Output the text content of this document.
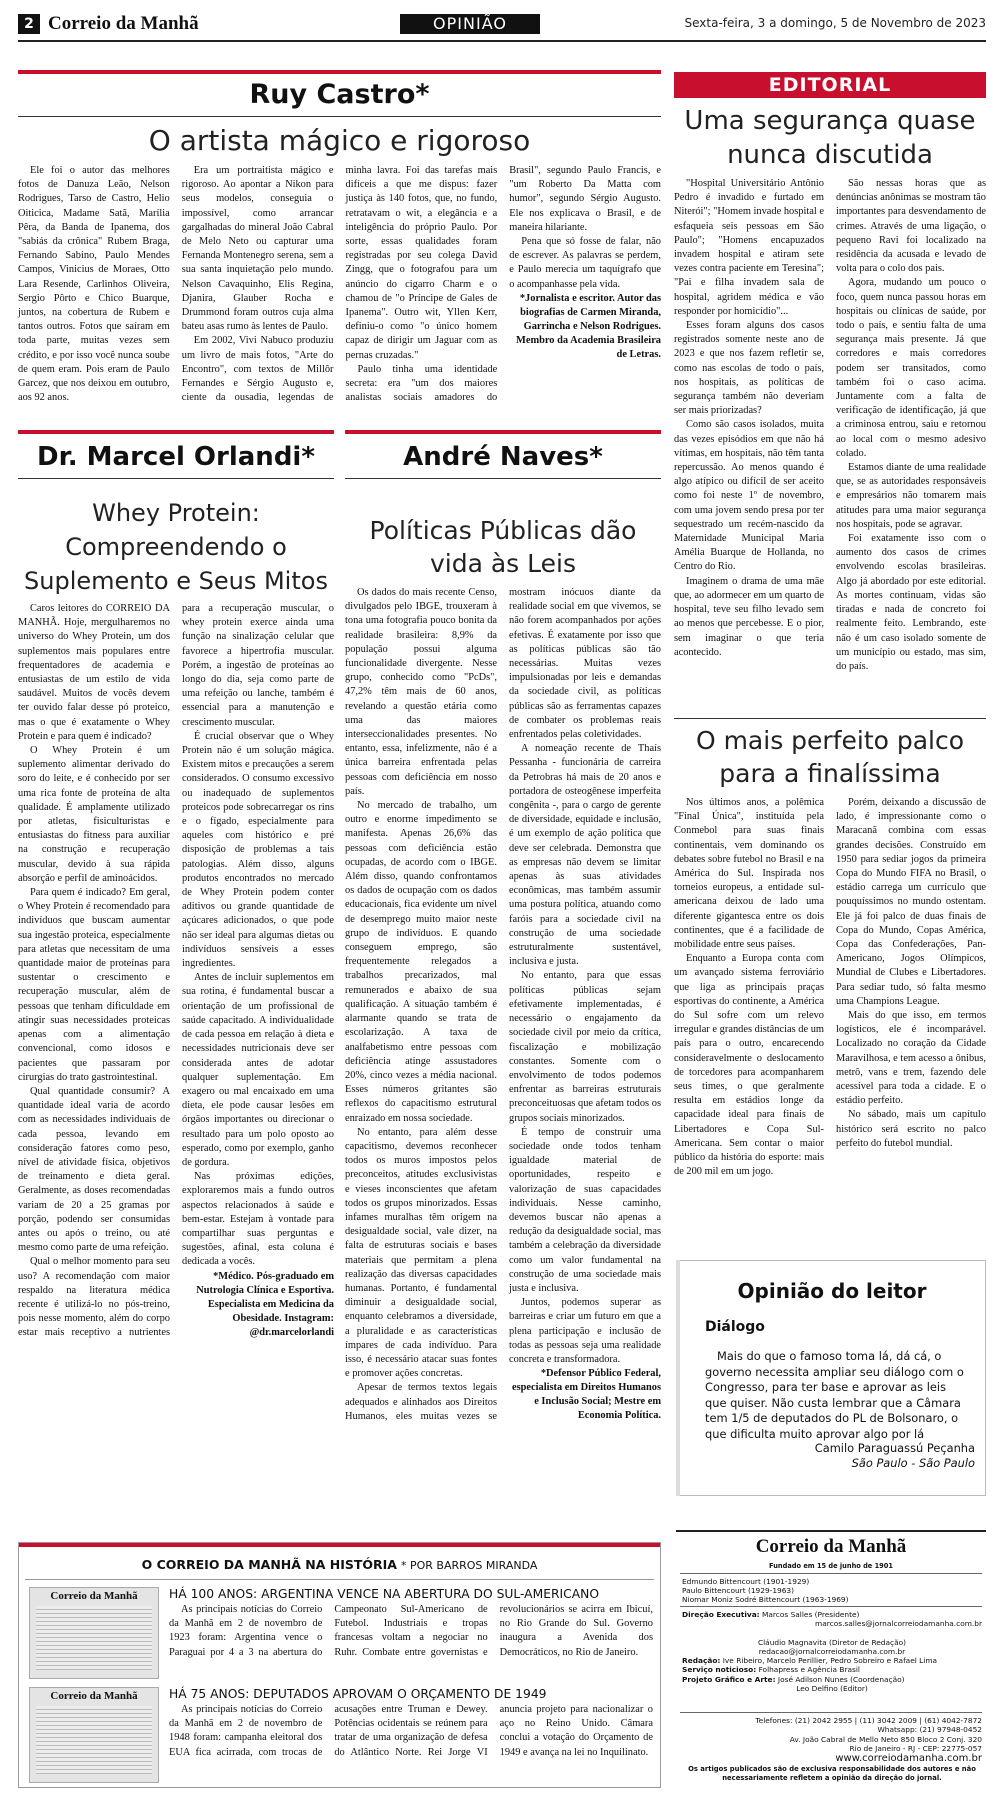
2 Correio da Manhã	OPINIÃO	Sexta-feira, 3 a domingo, 5 de Novembro de 2023
Ruy Castro*
O artista mágico e rigoroso

Ele foi o autor das melhores fotos de Danuza Leão, Nelson Rodrigues, Tarso de Castro, Helio Oiticica, Madame Satã, Marília Pêra, da Banda de Ipanema, dos "sabiás da crônica" Rubem Braga, Fernando Sabino, Paulo Mendes Campos, Vinicius de Moraes, Otto Lara Resende, Carlinhos Oliveira, Sergio Pôrto e Chico Buarque, juntos, na cobertura de Rubem e tantos outros. Fotos que saíram em toda parte, muitas vezes sem crédito, e por isso você nunca soube de quem eram. Pois eram de Paulo Garcez, que nos deixou em outubro, aos 92 anos.

Era um portraitista mágico e rigoroso. Ao apontar a Nikon para seus modelos, conseguia o impossível, como arrancar gargalhadas do mineral João Cabral de Melo Neto ou capturar uma Fernanda Montenegro serena, sem a sua santa inquietação pelo mundo. Nelson Cavaquinho, Elis Regina, Djanira, Glauber Rocha e Drummond foram outros cuja alma bateu asas rumo às lentes de Paulo.

Em 2002, Vivi Nabuco produziu um livro de mais fotos, "Arte do Encontro", com textos de Millôr Fernandes e Sérgio Augusto e, ciente da ousadia, legendas de minha lavra. Foi das tarefas mais difíceis a que me dispus: fazer justiça às 140 fotos, que, no fundo, retratavam o wit, a elegância e a inteligência do próprio Paulo. Por sorte, essas qualidades foram registradas por seu colega David Zingg, que o fotografou para um anúncio do cigarro Charm e o chamou de "o Príncipe de Gales de Ipanema". Outro wit, Yllen Kerr, definiu-o como "o único homem capaz de dirigir um Jaguar com as pernas cruzadas."

Paulo tinha uma identidade secreta: era "um dos maiores analistas sociais amadores do Brasil", segundo Paulo Francis, e "um Roberto Da Matta com humor", segundo Sérgio Augusto. Ele nos explicava o Brasil, e de maneira hilariante.

Pena que só fosse de falar, não de escrever. As palavras se perdem, e Paulo merecia um taquígrafo que o acompanhasse pela vida.

*Jornalista e escritor. Autor das biografias de Carmen Miranda, Garrincha e Nelson Rodrigues. Membro da Academia Brasileira de Letras.

Dr. Marcel Orlandi*
Whey Protein: Compreendendo o Suplemento e Seus Mitos

Caros leitores do CORREIO DA MANHÃ. Hoje, mergulharemos no universo do Whey Protein, um dos suplementos mais populares entre frequentadores de academia e entusiastas de um estilo de vida saudável. Muitos de vocês devem ter ouvido falar desse pó proteico, mas o que é exatamente o Whey Protein e para quem é indicado?

O Whey Protein é um suplemento alimentar derivado do soro do leite, e é conhecido por ser uma rica fonte de proteína de alta qualidade. É amplamente utilizado por atletas, fisiculturistas e entusiastas do fitness para auxiliar na construção e recuperação muscular, devido à sua rápida absorção e perfil de aminoácidos.

Para quem é indicado? Em geral, o Whey Protein é recomendado para indivíduos que buscam aumentar sua ingestão proteica, especialmente para atletas que necessitam de uma quantidade maior de proteínas para sustentar o crescimento e recuperação muscular, além de pessoas que tenham dificuldade em atingir suas necessidades proteicas apenas com a alimentação convencional, como idosos e pacientes que passaram por cirurgias do trato gastrointestinal.

Qual quantidade consumir? A quantidade ideal varia de acordo com as necessidades individuais de cada pessoa, levando em consideração fatores como peso, nível de atividade física, objetivos de treinamento e dieta geral. Geralmente, as doses recomendadas variam de 20 a 25 gramas por porção, podendo ser consumidas antes ou após o treino, ou até mesmo como parte de uma refeição.

Qual o melhor momento para seu uso? A recomendação com maior respaldo na literatura médica recente é utilizá-lo no pós-treino, pois nesse momento, além do corpo estar mais receptivo a nutrientes para a recuperação muscular, o whey protein exerce ainda uma função na sinalização celular que favorece a hipertrofia muscular. Porém, a ingestão de proteínas ao longo do dia, seja como parte de uma refeição ou lanche, também é essencial para a manutenção e crescimento muscular.

É crucial observar que o Whey Protein não é um solução mágica. Existem mitos e precauções a serem considerados. O consumo excessivo ou inadequado de suplementos proteicos pode sobrecarregar os rins e o fígado, especialmente para aqueles com histórico e pré disposição de problemas a tais patologias. Além disso, alguns produtos encontrados no mercado de Whey Protein podem conter aditivos ou grande quantidade de açúcares adicionados, o que pode não ser ideal para algumas dietas ou indivíduos sensíveis a esses ingredientes.

Antes de incluir suplementos em sua rotina, é fundamental buscar a orientação de um profissional de saúde capacitado. A individualidade de cada pessoa em relação à dieta e necessidades nutricionais deve ser considerada antes de adotar qualquer suplementação. Em exagero ou mal encaixado em uma dieta, ele pode causar lesões em órgãos importantes ou direcionar o resultado para um polo oposto ao esperado, como por exemplo, ganho de gordura.

Nas próximas edições, exploraremos mais a fundo outros aspectos relacionados à saúde e bem-estar. Estejam à vontade para compartilhar suas perguntas e sugestões, afinal, esta coluna é dedicada a vocês.

*Médico. Pós-graduado em Nutrologia Clínica e Esportiva. Especialista em Medicina da Obesidade. Instagram: @dr.marcelorlandi

André Naves*
Políticas Públicas dão vida às Leis

Os dados do mais recente Censo, divulgados pelo IBGE, trouxeram à tona uma fotografia pouco bonita da realidade brasileira: 8,9% da população possui alguma funcionalidade divergente. Nesse grupo, conhecido como "PcDs", 47,2% têm mais de 60 anos, revelando a questão etária como uma das maiores interseccionalidades presentes. No entanto, essa, infelizmente, não é a única barreira enfrentada pelas pessoas com deficiência em nosso país.

No mercado de trabalho, um outro e enorme impedimento se manifesta. Apenas 26,6% das pessoas com deficiência estão ocupadas, de acordo com o IBGE. Além disso, quando confrontamos os dados de ocupação com os dados educacionais, fica evidente um nível de desemprego muito maior neste grupo de indivíduos. E quando conseguem emprego, são frequentemente relegados a trabalhos precarizados, mal remunerados e abaixo de sua qualificação. A situação também é alarmante quando se trata de escolarização. A taxa de analfabetismo entre pessoas com deficiência atinge assustadores 20%, cinco vezes a média nacional. Esses números gritantes são reflexos do capacitismo estrutural enraizado em nossa sociedade.

No entanto, para além desse capacitismo, devemos reconhecer todos os muros impostos pelos preconceitos, atitudes exclusivistas e vieses inconscientes que afetam todos os grupos minorizados. Essas infames muralhas têm origem na desigualdade social, vale dizer, na falta de estruturas sociais e bases materiais que permitam a plena realização das diversas capacidades humanas. Portanto, é fundamental diminuir a desigualdade social, enquanto celebramos a diversidade, a pluralidade e as características ímpares de cada indivíduo. Para isso, é necessário atacar suas fontes e promover ações concretas.

Apesar de termos textos legais adequados e alinhados aos Direitos Humanos, eles muitas vezes se mostram inócuos diante da realidade social em que vivemos, se não forem acompanhados por ações efetivas. É exatamente por isso que as políticas públicas são tão necessárias. Muitas vezes impulsionadas por leis e demandas da sociedade civil, as políticas públicas são as ferramentas capazes de combater os problemas reais enfrentados pelas coletividades.

A nomeação recente de Thaís Pessanha - funcionária de carreira da Petrobras há mais de 20 anos e portadora de osteogênese imperfeita congênita -, para o cargo de gerente de diversidade, equidade e inclusão, é um exemplo de ação política que deve ser celebrada. Demonstra que as empresas não devem se limitar apenas às suas atividades econômicas, mas também assumir uma postura política, atuando como faróis para a sociedade civil na construção de uma sociedade estruturalmente sustentável, inclusiva e justa.

No entanto, para que essas políticas públicas sejam efetivamente implementadas, é necessário o engajamento da sociedade civil por meio da crítica, fiscalização e mobilização constantes. Somente com o envolvimento de todos podemos enfrentar as barreiras estruturais preconceituosas que afetam todos os grupos sociais minorizados.

É tempo de construir uma sociedade onde todos tenham igualdade material de oportunidades, respeito e valorização de suas capacidades individuais. Nesse caminho, devemos buscar não apenas a redução da desigualdade social, mas também a celebração da diversidade como um valor fundamental na construção de uma sociedade mais justa e inclusiva.

Juntos, podemos superar as barreiras e criar um futuro em que a plena participação e inclusão de todas as pessoas seja uma realidade concreta e transformadora.

*Defensor Público Federal, especialista em Direitos Humanos e Inclusão Social; Mestre em Economia Política.

EDITORIAL
Uma segurança quase nunca discutida

"Hospital Universitário Antônio Pedro é invadido e furtado em Niterói"; "Homem invade hospital e esfaqueia seis pessoas em São Paulo"; "Homens encapuzados invadem hospital e atiram sete vezes contra paciente em Teresina"; "Pai e filha invadem sala de hospital, agridem médica e vão responder por homicídio"...

Esses foram alguns dos casos registrados somente neste ano de 2023 e que nos fazem refletir se, como nas escolas de todo o país, nos hospitais, as políticas de segurança também não deveriam ser mais priorizadas?

Como são casos isolados, muita das vezes episódios em que não há vítimas, em hospitais, não têm tanta repercussão. Ao menos quando é algo atípico ou difícil de ser aceito como foi neste 1º de novembro, com uma jovem sendo presa por ter sequestrado um recém-nascido da Maternidade Municipal Maria Amélia Buarque de Hollanda, no Centro do Rio.

Imaginem o drama de uma mãe que, ao adormecer em um quarto de hospital, teve seu filho levado sem ao menos que percebesse. E o pior, sem imaginar o que teria acontecido.

São nessas horas que as denúncias anônimas se mostram tão importantes para desvendamento de crimes. Através de uma ligação, o pequeno Ravi foi localizado na residência da acusada e levado de volta para o colo dos pais.

Agora, mudando um pouco o foco, quem nunca passou horas em hospitais ou clínicas de saúde, por todo o país, e sentiu falta de uma segurança mais presente. Já que corredores e mais corredores podem ser transitados, como também foi o caso acima. Juntamente com a falta de verificação de identificação, já que a criminosa entrou, saiu e retornou ao local com o mesmo adesivo colado.

Estamos diante de uma realidade que, se as autoridades responsáveis e empresários não tomarem mais atitudes para uma maior segurança nos hospitais, pode se agravar.

Foi exatamente isso com o aumento dos casos de crimes envolvendo escolas brasileiras. Algo já abordado por este editorial. As mortes continuam, vidas são tiradas e nada de concreto foi realmente feito. Lembrando, este não é um caso isolado somente de um município ou estado, mas sim, do país.

O mais perfeito palco para a finalíssima

Nos últimos anos, a polêmica "Final Única", instituída pela Conmebol para suas finais continentais, vem dominando os debates sobre futebol no Brasil e na América do Sul. Inspirada nos torneios europeus, a entidade sul-americana deixou de lado uma diferente gigantesca entre os dois continentes, que é a facilidade de mobilidade entre seus países.

Enquanto a Europa conta com um avançado sistema ferroviário que liga as principais praças esportivas do continente, a América do Sul sofre com um relevo irregular e grandes distâncias de um país para o outro, encarecendo consideravelmente o deslocamento de torcedores para acompanharem seus times, o que geralmente resulta em estádios longe da capacidade ideal para finais de Libertadores e Copa Sul-Americana. Sem contar o maior público da história do esporte: mais de 200 mil em um jogo.

Porém, deixando a discussão de lado, é impressionante como o Maracanã combina com essas grandes decisões. Construído em 1950 para sediar jogos da primeira Copa do Mundo FIFA no Brasil, o estádio carrega um currículo que pouquíssimos no mundo ostentam. Ele já foi palco de duas finais de Copa do Mundo, Copas América, Copa das Confederações, Pan-Americano, Jogos Olímpicos, Mundial de Clubes e Libertadores. Para sediar tudo, só falta mesmo uma Champions League.

Mais do que isso, em termos logísticos, ele é incomparável. Localizado no coração da Cidade Maravilhosa, e tem acesso a ônibus, metrô, vans e trem, fazendo dele acessível para toda a cidade. E o estádio perfeito.

No sábado, mais um capítulo histórico será escrito no palco perfeito do futebol mundial.

Opinião do leitor
Diálogo
Mais do que o famoso toma lá, dá cá, o governo necessita ampliar seu diálogo com o Congresso, para ter base e aprovar as leis que quiser. Não custa lembrar que a Câmara tem 1/5 de deputados do PL de Bolsonaro, o que dificulta muito aprovar algo por lá
Camilo Paraguassú Peçanha
São Paulo - São Paulo
O CORREIO DA MANHÃ NA HISTÓRIA * POR BARROS MIRANDA
Correio da Manhã	HÁ 100 ANOS: ARGENTINA VENCE NA ABERTURA DO SUL-AMERICANO
As principais notícias do Correio da Manhã em 2 de novembro de 1923 foram: Argentina vence o Paraguai por 4 a 3 na abertura do Campeonato Sul-Americano de Futebol. Industriais e tropas francesas voltam a negociar no Ruhr. Combate entre governistas e revolucionários se acirra em Ibicuí, no Rio Grande do Sul. Governo inaugura a Avenida dos Democráticos, no Rio de Janeiro.
Correio da Manhã	HÁ 75 ANOS: DEPUTADOS APROVAM O ORÇAMENTO DE 1949
As principais notícias do Correio da Manhã em 2 de novembro de 1948 foram: campanha eleitoral dos EUA fica acirrada, com trocas de acusações entre Truman e Dewey. Potências ocidentais se reúnem para tratar de uma organização de defesa do Atlântico Norte. Rei Jorge VI anuncia projeto para nacionalizar o aço no Reino Unido. Câmara conclui a votação do Orçamento de 1949 e avança na lei no Inquilinato.
Correio da Manhã
Fundado em 15 de junho de 1901
Edmundo Bittencourt (1901-1929)
Paulo Bittencourt (1929-1963)
Niomar Moniz Sodré Bittencourt (1963-1969)
Direção Executiva: Marcos Salles (Presidente)
marcos.salles@jornalcorreiodamanha.com.br
Cláudio Magnavita (Diretor de Redação)
redacao@jornalcorreiodamanha.com.br
Redação: Ive Ribeiro, Marcelo Perillier, Pedro Sobreiro e Rafael Lima
Serviço noticioso: Folhapress e Agência Brasil
Projeto Gráfico e Arte: José Adilson Nunes (Coordenação)
Leo Delfino (Editor)
Telefones: (21) 2042 2955 | (11) 3042 2009 | (61) 4042-7872
Whatsapp: (21) 97948-0452
Av. João Cabral de Mello Neto 850 Bloco 2 Conj. 320
Rio de Janeiro - RJ - CEP: 22775-057
www.correiodamanha.com.br
Os artigos publicados são de exclusiva responsabilidade dos autores e não necessariamente refletem a opinião da direção do jornal.
